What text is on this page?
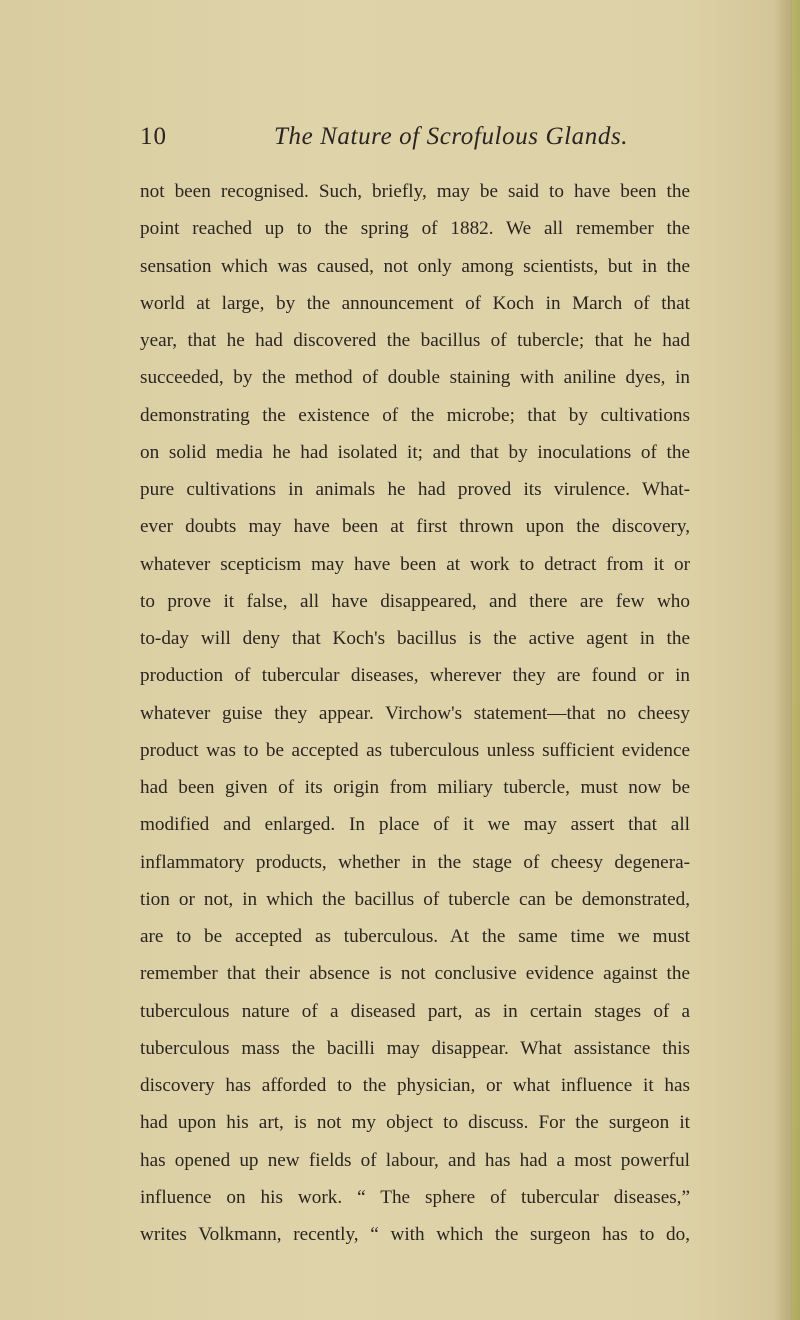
10	The Nature of Scrofulous Glands.
not been recognised. Such, briefly, may be said to have been the
point reached up to the spring of 1882. We all remember the
sensation which was caused, not only among scientists, but in the
world at large, by the announcement of Koch in March of that
year, that he had discovered the bacillus of tubercle; that he had
succeeded, by the method of double staining with aniline dyes, in
demonstrating the existence of the microbe; that by cultivations
on solid media he had isolated it; and that by inoculations of the
pure cultivations in animals he had proved its virulence. What-
ever doubts may have been at first thrown upon the discovery,
whatever scepticism may have been at work to detract from it or
to prove it false, all have disappeared, and there are few who
to-day will deny that Koch's bacillus is the active agent in the
production of tubercular diseases, wherever they are found or in
whatever guise they appear. Virchow's statement—that no cheesy
product was to be accepted as tuberculous unless sufficient evidence
had been given of its origin from miliary tubercle, must now be
modified and enlarged. In place of it we may assert that all
inflammatory products, whether in the stage of cheesy degenera-
tion or not, in which the bacillus of tubercle can be demonstrated,
are to be accepted as tuberculous. At the same time we must
remember that their absence is not conclusive evidence against the
tuberculous nature of a diseased part, as in certain stages of a
tuberculous mass the bacilli may disappear. What assistance this
discovery has afforded to the physician, or what influence it has
had upon his art, is not my object to discuss. For the surgeon it
has opened up new fields of labour, and has had a most powerful
influence on his work. “ The sphere of tubercular diseases,”
writes Volkmann, recently, “ with which the surgeon has to do,
